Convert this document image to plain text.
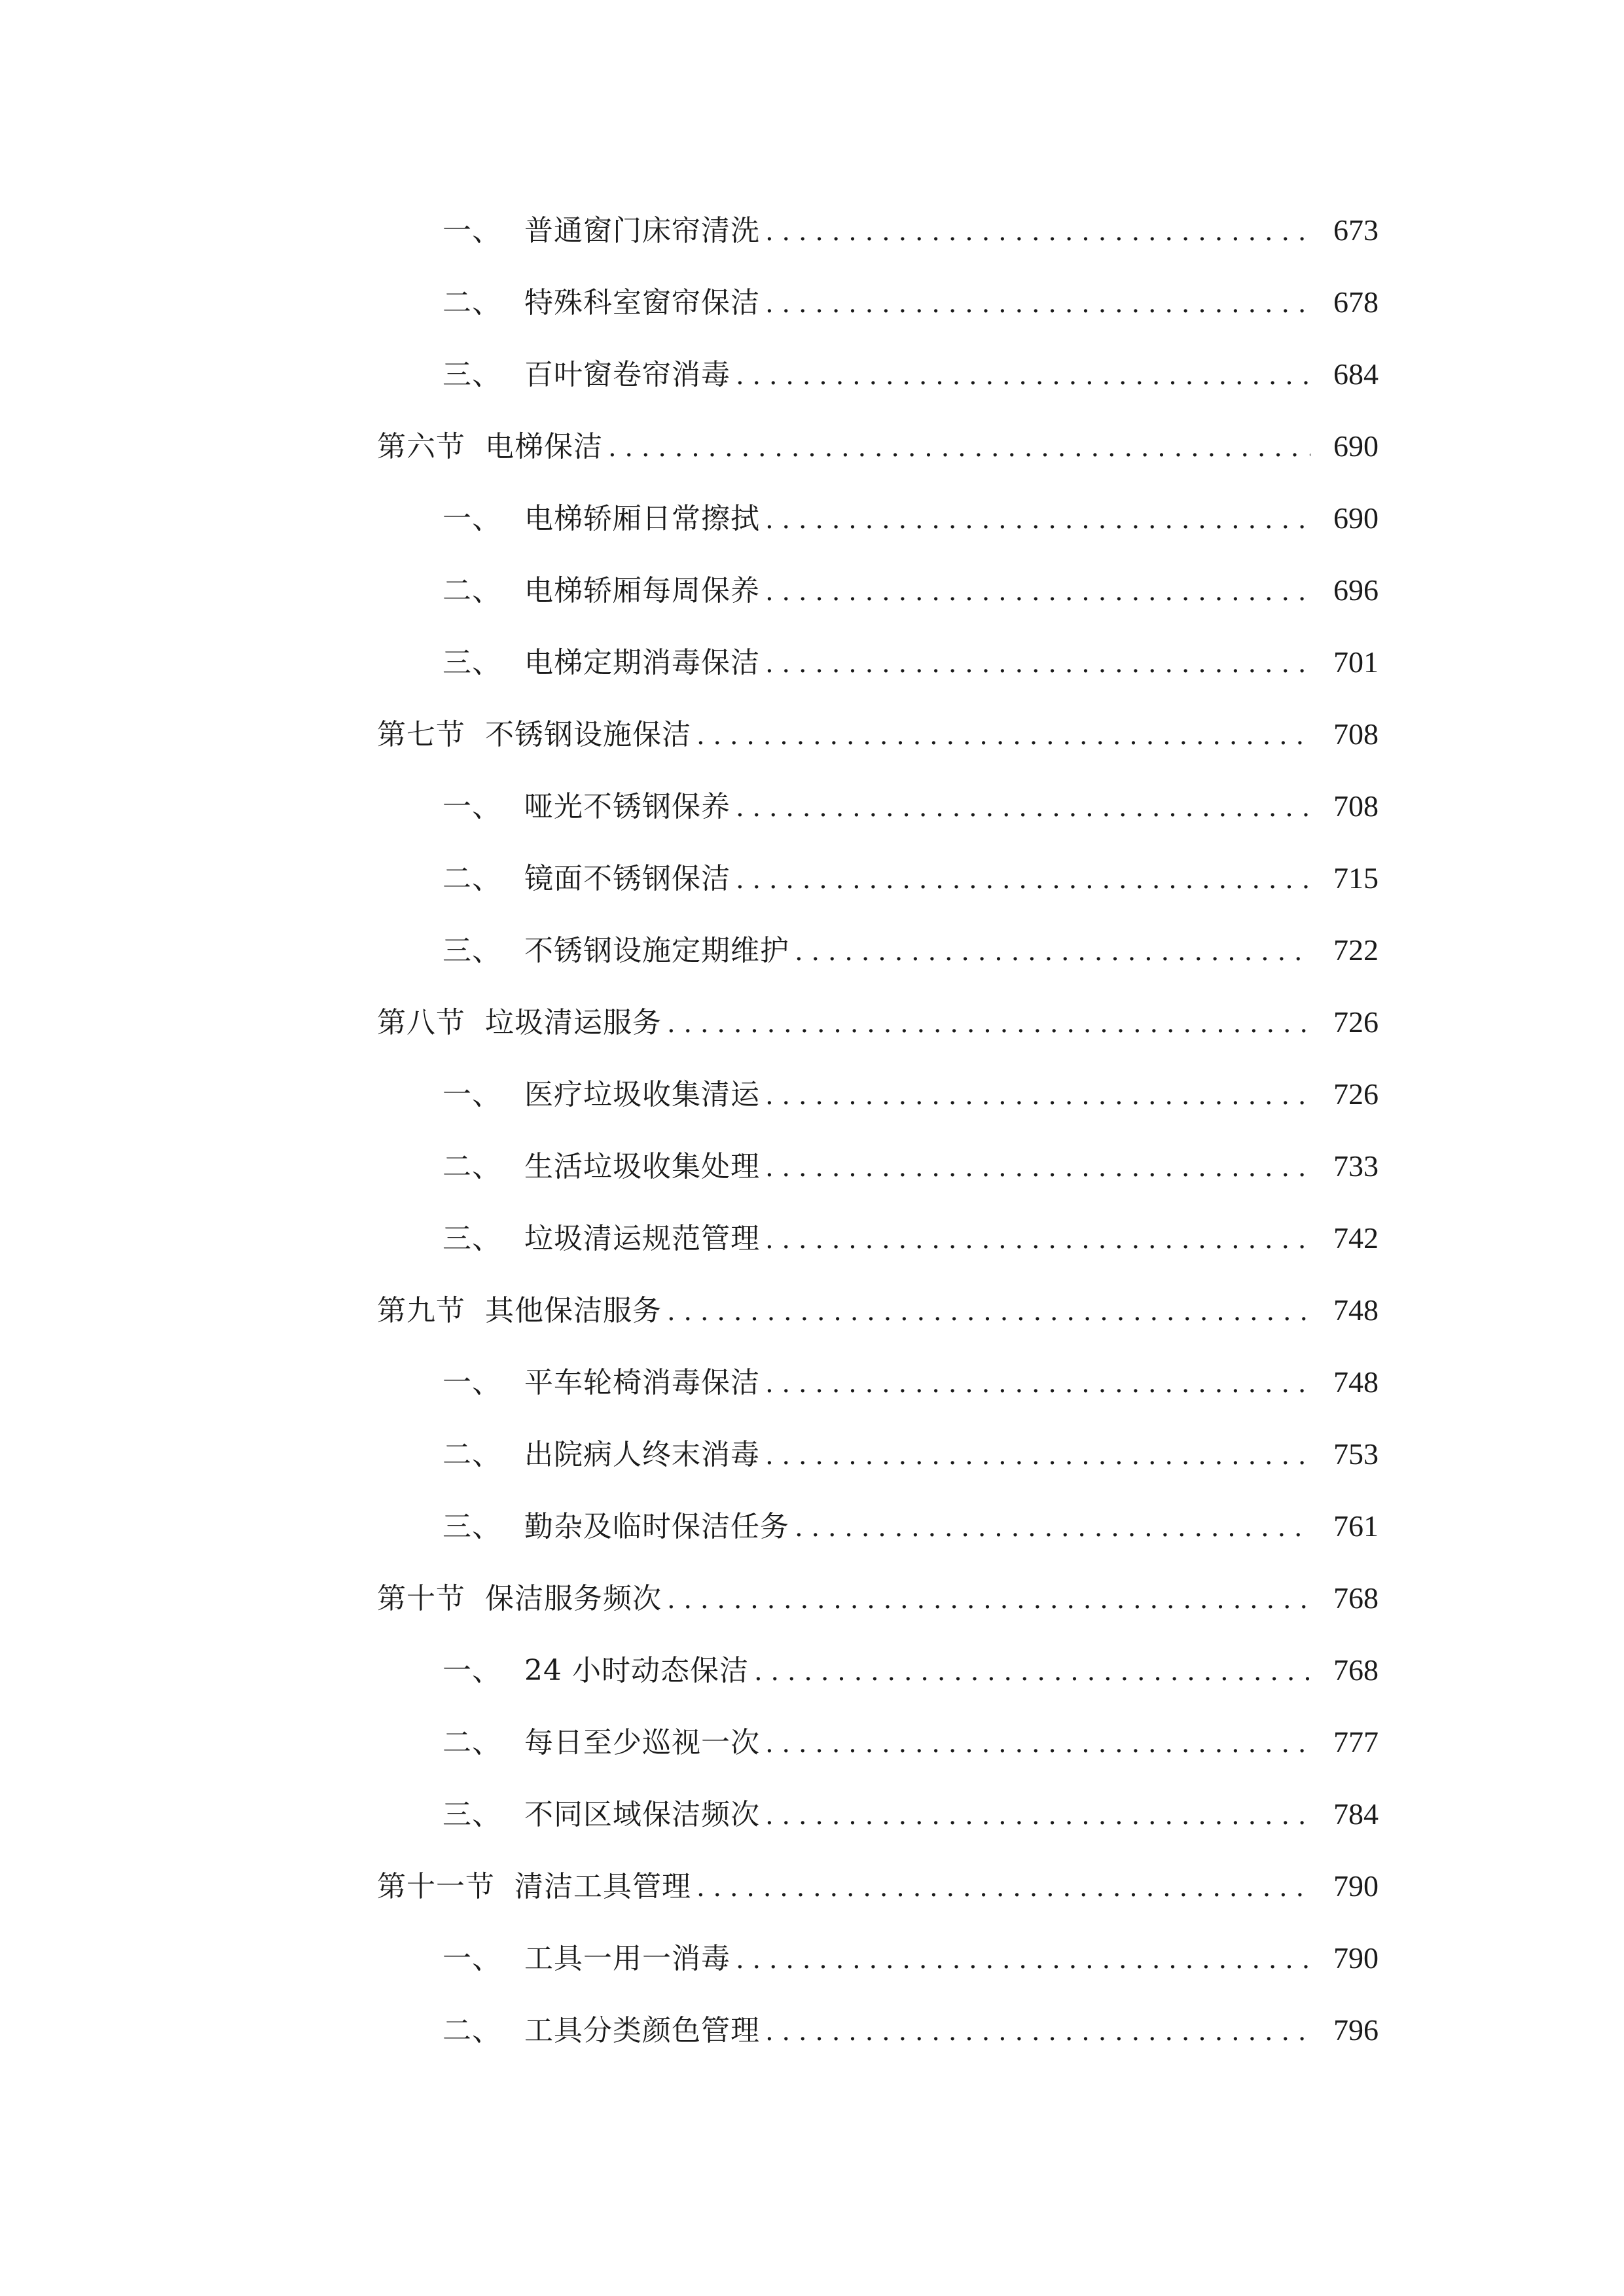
一、 普通窗门床帘清洗 . . .	673
二、 特殊科室窗帘保洁 . . .	678
三、 百叶窗卷帘消毒 . . .	684
第六节 电梯保洁 . . .	690
一、 电梯轿厢日常擦拭 . . .	690
二、 电梯轿厢每周保养 . . .	696
三、 电梯定期消毒保洁 . . .	701
第七节 不锈钢设施保洁 . . .	708
一、 哑光不锈钢保养 . . .	708
二、 镜面不锈钢保洁 . . .	715
三、 不锈钢设施定期维护 . . .	722
第八节 垃圾清运服务 . . .	726
一、 医疗垃圾收集清运 . . .	726
二、 生活垃圾收集处理 . . .	733
三、 垃圾清运规范管理 . . .	742
第九节 其他保洁服务 . . .	748
一、 平车轮椅消毒保洁 . . .	748
二、 出院病人终末消毒 . . .	753
三、 勤杂及临时保洁任务 . . .	761
第十节 保洁服务频次 . . .	768
一、 24 小时动态保洁 . . .	768
二、 每日至少巡视一次 . . .	777
三、 不同区域保洁频次 . . .	784
第十一节 清洁工具管理 . . .	790
一、 工具一用一消毒 . . .	790
二、 工具分类颜色管理 . . .	796
